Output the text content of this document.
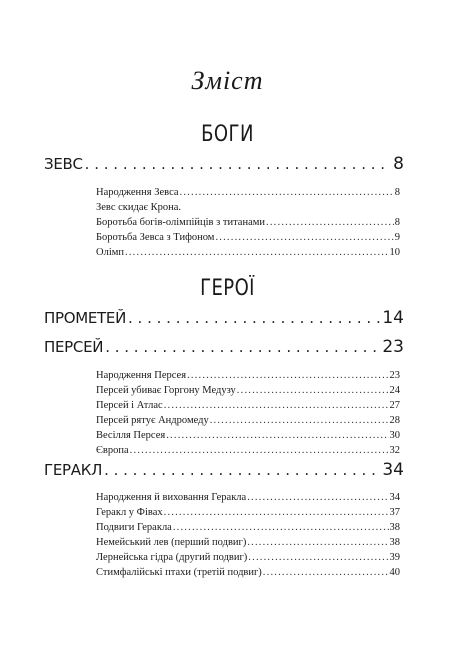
Зміст
БОГИ
ЗЕВС . . .	8
Народження Зевса .....	8
Зевс скидає Крона.
Боротьба богів-олімпійців з титанами .....	8
Боротьба Зевса з Тифоном .....	9
Олімп .....	10
ГЕРОЇ
ПРОМЕТЕЙ . . .	14
ПЕРСЕЙ . . .	23
Народження Персея .....	23
Персей убиває Горгону Медузу .....	24
Персей і Атлас .....	27
Персей рятує Андромеду .....	28
Весілля Персея .....	30
Європа .....	32
ГЕРАКЛ . . .	34
Народження й виховання Геракла .....	34
Геракл у Фівах .....	37
Подвиги Геракла .....	38
Немейський лев (перший подвиг) .....	38
Лернейська гідра (другий подвиг) .....	39
Стимфалійські птахи (третій подвиг) .....	40
